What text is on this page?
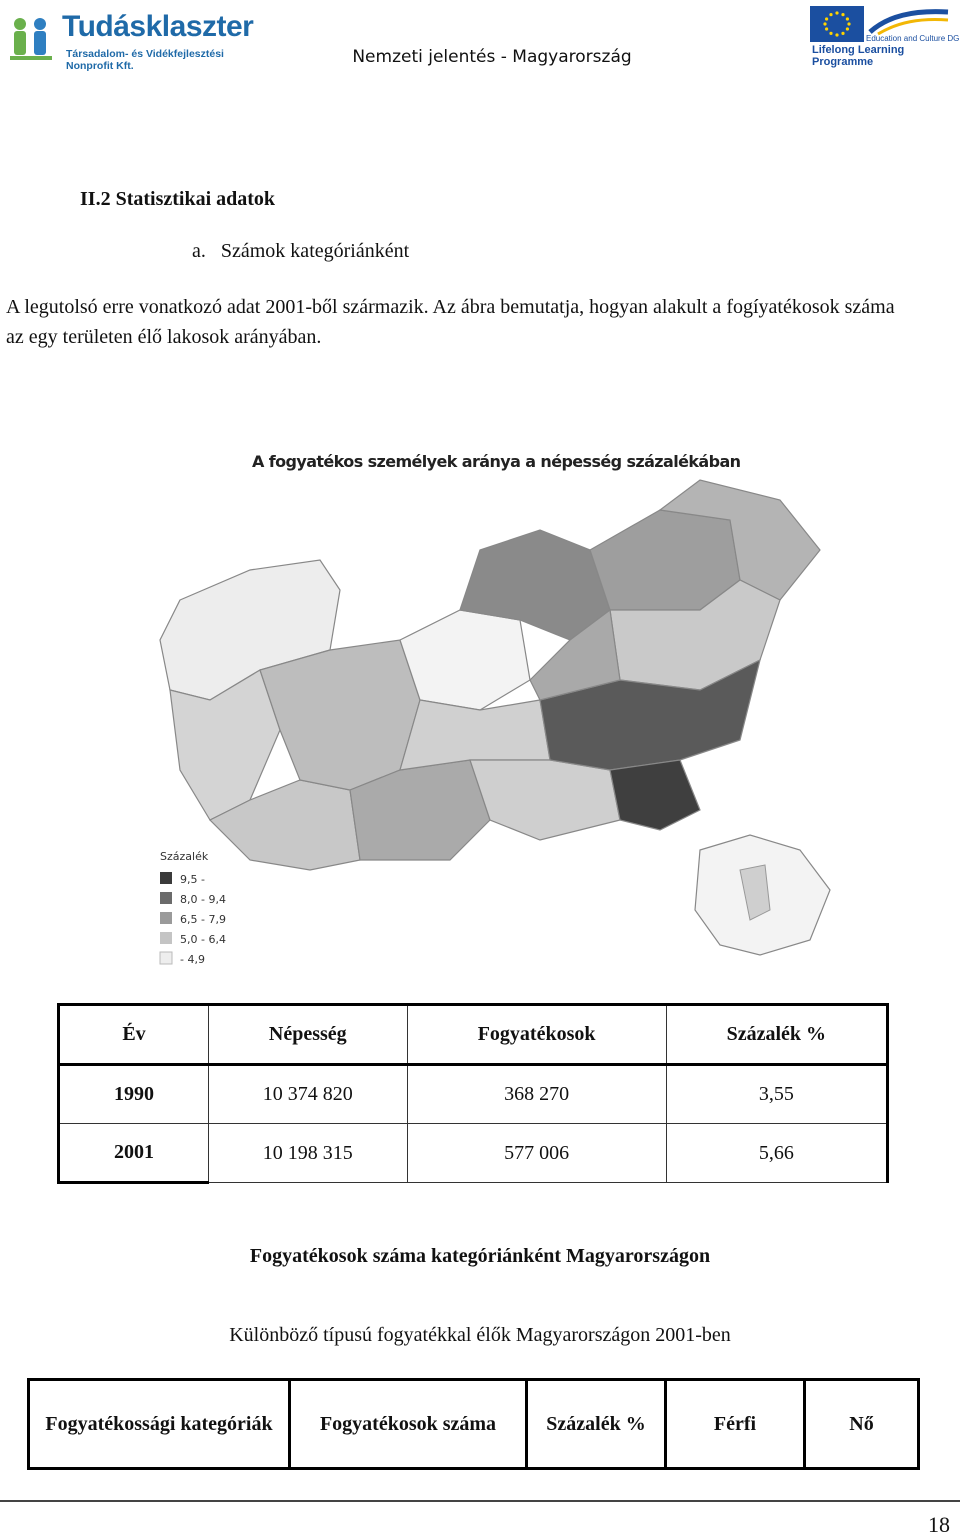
Tudásklaszter
Társadalom- és Vidékfejlesztési Nonprofit Kft.	Nemzeti jelentés - Magyarország
Education and Culture DG
Lifelong Learning Programme
II.2 Statisztikai adatok
a.   Számok kategóriánként
A legutolsó erre vonatkozó adat 2001-ből származik. Az ábra bemutatja, hogyan alakult a fogíyatékosok száma az egy területen élő lakosok arányában.
Százalék
9,5 -
8,0 - 9,4
6,5 - 7,9
5,0 - 6,4
- 4,9
A fogyatékos személyek aránya a népesség százalékában
Év	Népesség	Fogyatékosok	Százalék %
1990	10 374 820	368 270	3,55
2001	10 198 315	577 006	5,66
Fogyatékosok száma kategóriánként Magyarországon
Különböző típusú fogyatékkal élők Magyarországon 2001-ben
Fogyatékossági kategóriák	Fogyatékosok száma	Százalék %	Férfi	Nő
18
